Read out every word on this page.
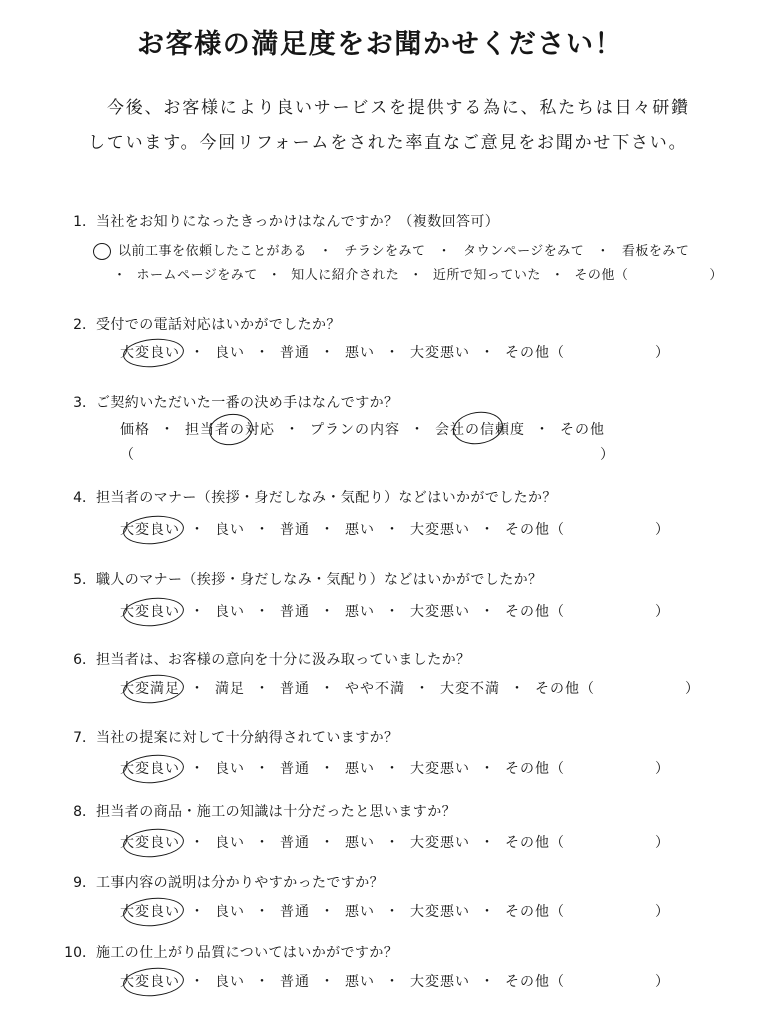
お客様の満足度をお聞かせください！
今後、お客様により良いサービスを提供する為に、私たちは日々研鑽
しています。今回リフォームをされた率直なご意見をお聞かせ下さい。
1． 当社をお知りになったきっかけはなんですか？（複数回答可）
以前工事を依頼したことがある ・ チラシをみて ・ タウンページをみて ・ 看板をみて
・ ホームページをみて ・ 知人に紹介された ・ 近所で知っていた ・ その他（　　　　　　）
2． 受付での電話対応はいかがでしたか？
大変良い ・ 良い ・ 普通 ・ 悪い ・ 大変悪い ・ その他（　　　　　　）
3． ご契約いただいた一番の決め手はなんですか？
価格 ・ 担当者の対応 ・ プランの内容 ・ 会社の信頼度 ・ その他
（　　　　　　　　　　　　　　　　　　　　　　　　　　　　　　　）
4． 担当者のマナー（挨拶・身だしなみ・気配り）などはいかがでしたか？
大変良い ・ 良い ・ 普通 ・ 悪い ・ 大変悪い ・ その他（　　　　　　）
5． 職人のマナー（挨拶・身だしなみ・気配り）などはいかがでしたか？
大変良い ・ 良い ・ 普通 ・ 悪い ・ 大変悪い ・ その他（　　　　　　）
6． 担当者は、お客様の意向を十分に汲み取っていましたか？
大変満足 ・ 満足 ・ 普通 ・ やや不満 ・ 大変不満 ・ その他（　　　　　　）
7． 当社の提案に対して十分納得されていますか？
大変良い ・ 良い ・ 普通 ・ 悪い ・ 大変悪い ・ その他（　　　　　　）
8． 担当者の商品・施工の知識は十分だったと思いますか？
大変良い ・ 良い ・ 普通 ・ 悪い ・ 大変悪い ・ その他（　　　　　　）
9． 工事内容の説明は分かりやすかったですか？
大変良い ・ 良い ・ 普通 ・ 悪い ・ 大変悪い ・ その他（　　　　　　）
10． 施工の仕上がり品質についてはいかがですか？
大変良い ・ 良い ・ 普通 ・ 悪い ・ 大変悪い ・ その他（　　　　　　）
